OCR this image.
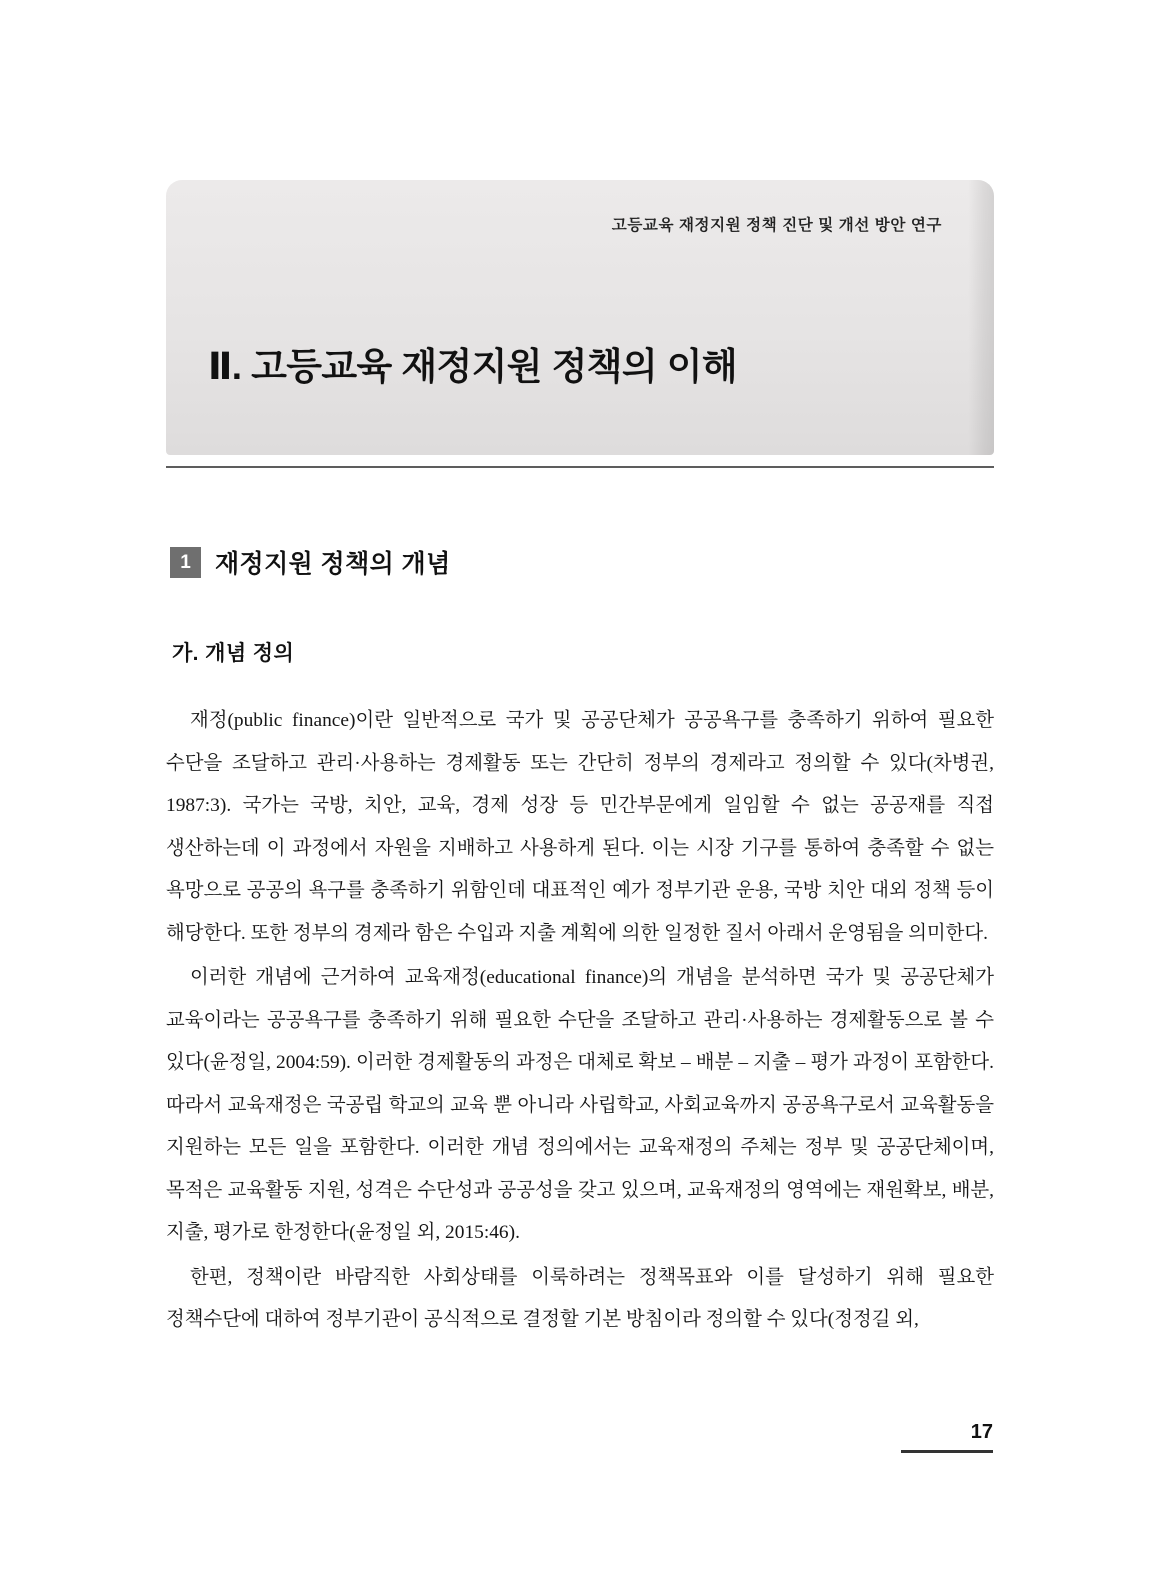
고등교육 재정지원 정책 진단 및 개선 방안 연구
Ⅱ. 고등교육 재정지원 정책의 이해
1 재정지원 정책의 개념
가. 개념 정의

재정(public finance)이란 일반적으로 국가 및 공공단체가 공공욕구를 충족하기 위하여 필요한 수단을 조달하고 관리·사용하는 경제활동 또는 간단히 정부의 경제라고 정의할 수 있다(차병권, 1987:3). 국가는 국방, 치안, 교육, 경제 성장 등 민간부문에게 일임할 수 없는 공공재를 직접 생산하는데 이 과정에서 자원을 지배하고 사용하게 된다. 이는 시장 기구를 통하여 충족할 수 없는 욕망으로 공공의 욕구를 충족하기 위함인데 대표적인 예가 정부기관 운용, 국방 치안 대외 정책 등이 해당한다. 또한 정부의 경제라 함은 수입과 지출 계획에 의한 일정한 질서 아래서 운영됨을 의미한다.

이러한 개념에 근거하여 교육재정(educational finance)의 개념을 분석하면 국가 및 공공단체가 교육이라는 공공욕구를 충족하기 위해 필요한 수단을 조달하고 관리·사용하는 경제활동으로 볼 수 있다(윤정일, 2004:59). 이러한 경제활동의 과정은 대체로 확보 – 배분 – 지출 – 평가 과정이 포함한다. 따라서 교육재정은 국공립 학교의 교육 뿐 아니라 사립학교, 사회교육까지 공공욕구로서 교육활동을 지원하는 모든 일을 포함한다. 이러한 개념 정의에서는 교육재정의 주체는 정부 및 공공단체이며, 목적은 교육활동 지원, 성격은 수단성과 공공성을 갖고 있으며, 교육재정의 영역에는 재원확보, 배분, 지출, 평가로 한정한다(윤정일 외, 2015:46).

한편, 정책이란 바람직한 사회상태를 이룩하려는 정책목표와 이를 달성하기 위해 필요한 정책수단에 대하여 정부기관이 공식적으로 결정할 기본 방침이라 정의할 수 있다(정정길 외,

17
